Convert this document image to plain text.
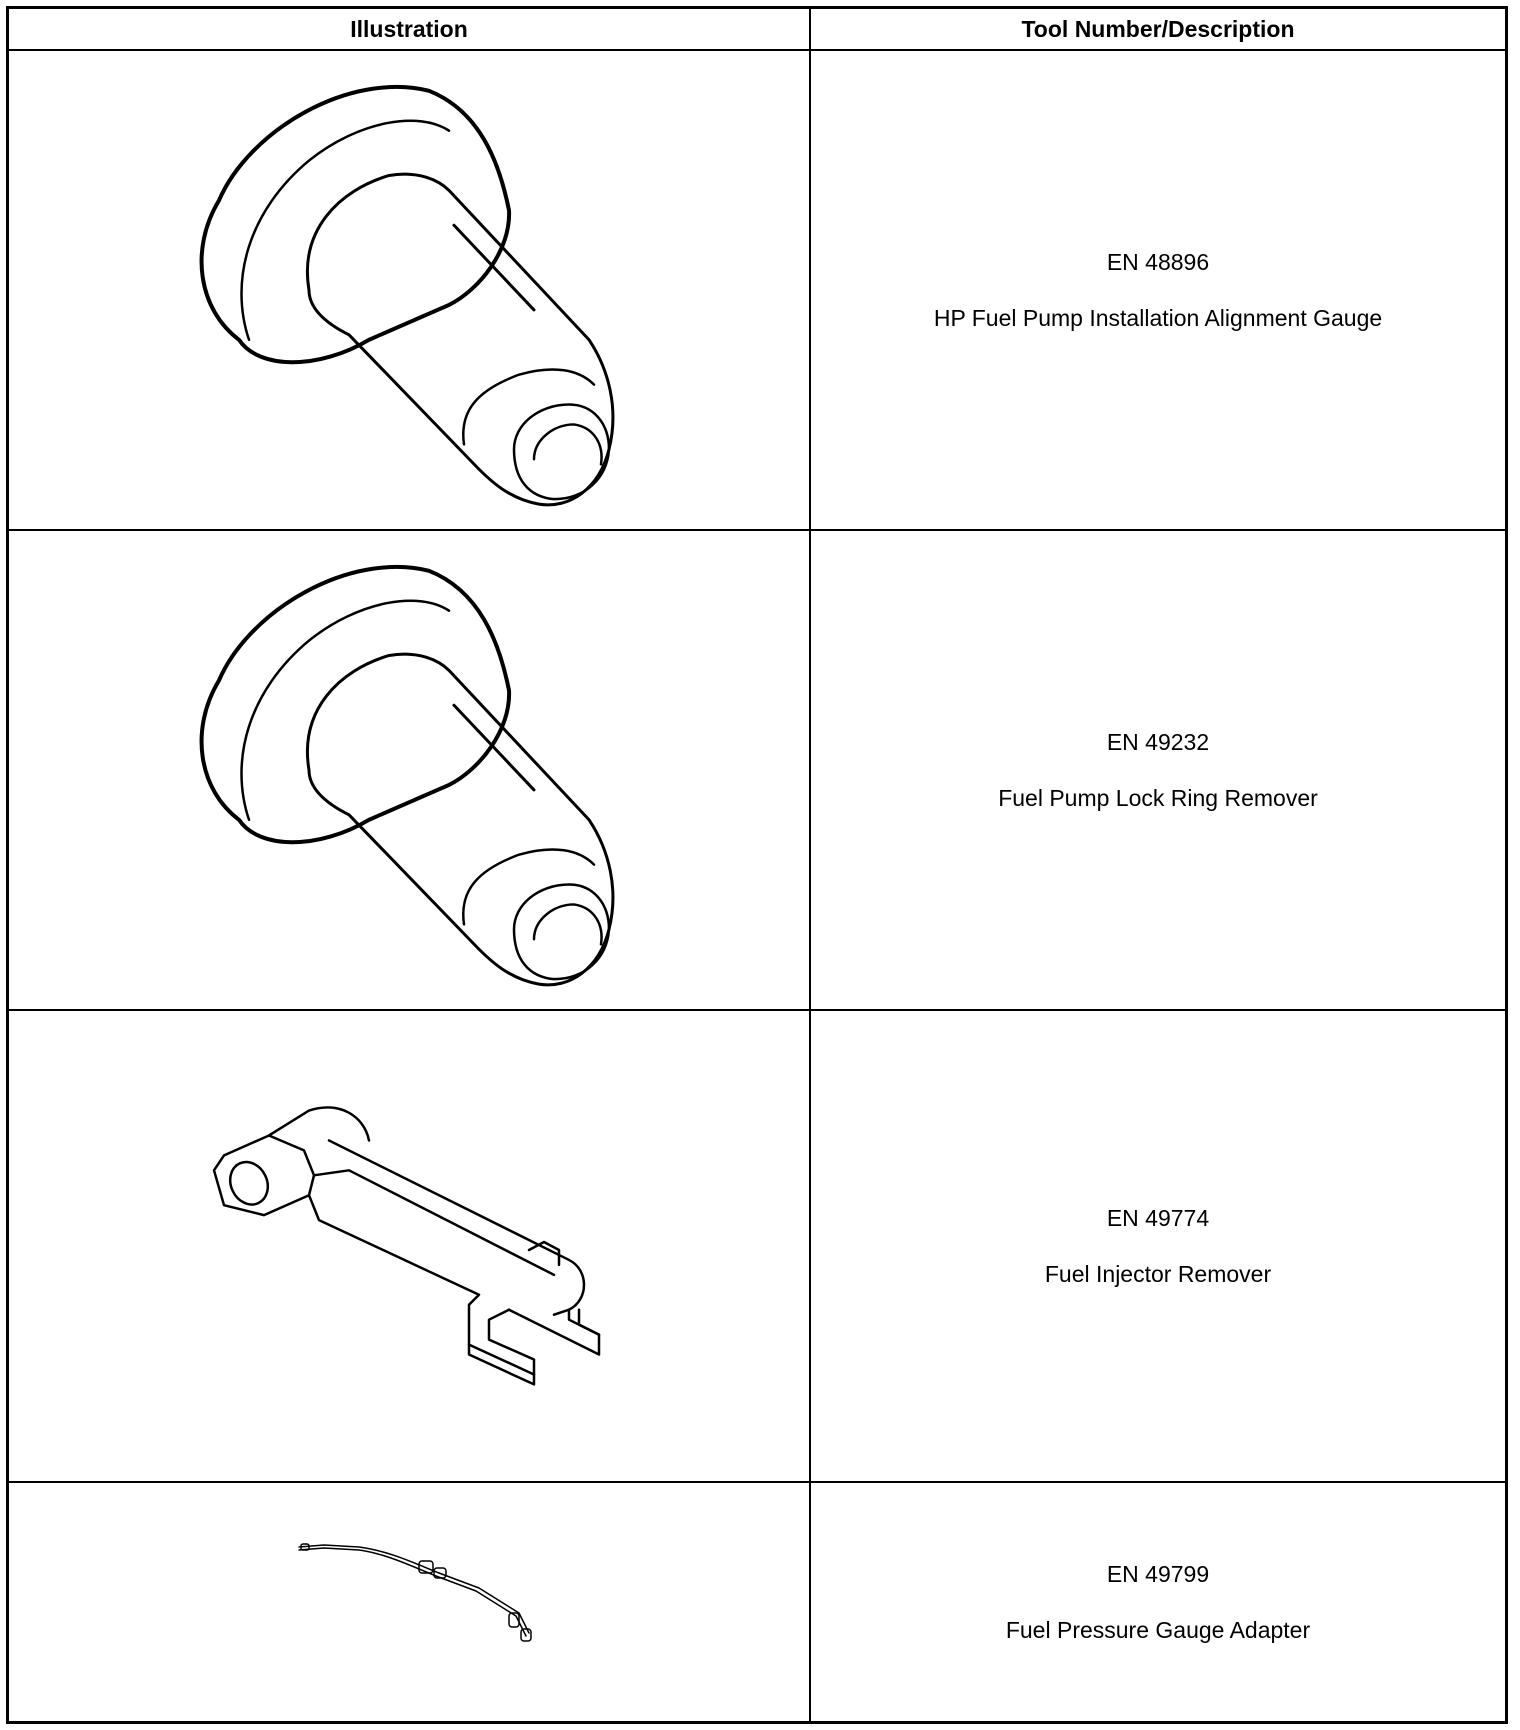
Illustration	Tool Number/Description
EN 48896
HP Fuel Pump Installation Alignment Gauge
EN 49232
Fuel Pump Lock Ring Remover
EN 49774
Fuel Injector Remover
EN 49799
Fuel Pressure Gauge Adapter
